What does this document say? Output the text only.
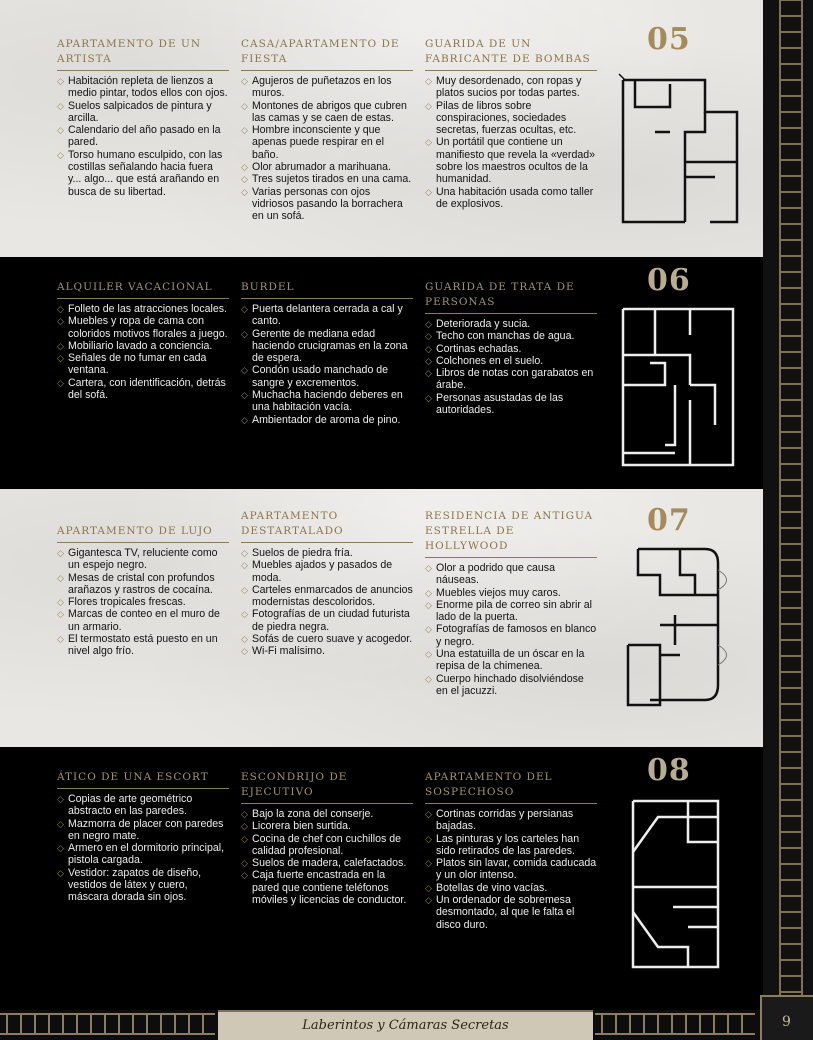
APARTAMENTO DE UN ARTISTA
◇ Habitación repleta de lienzos a medio pintar, todos ellos con ojos.
◇ Suelos salpicados de pintura y arcilla.
◇ Calendario del año pasado en la pared.
◇ Torso humano esculpido, con las costillas señalando hacia fuera y... algo... que está arañando en busca de su libertad.
CASA/APARTAMENTO DE FIESTA
◇ Agujeros de puñetazos en los muros.
◇ Montones de abrigos que cubren las camas y se caen de estas.
◇ Hombre inconsciente y que apenas puede respirar en el baño.
◇ Olor abrumador a marihuana.
◇ Tres sujetos tirados en una cama.
◇ Varias personas con ojos vidriosos pasando la borrachera en un sofá.
GUARIDA DE UN FABRICANTE DE BOMBAS
◇ Muy desordenado, con ropas y platos sucios por todas partes.
◇ Pilas de libros sobre conspiraciones, sociedades secretas, fuerzas ocultas, etc.
◇ Un portátil que contiene un manifiesto que revela la «verdad» sobre los maestros ocultos de la humanidad.
◇ Una habitación usada como taller de explosivos.
05
ALQUILER VACACIONAL
◇ Folleto de las atracciones locales.
◇ Muebles y ropa de cama con coloridos motivos florales a juego.
◇ Mobiliario lavado a conciencia.
◇ Señales de no fumar en cada ventana.
◇ Cartera, con identificación, detrás del sofá.
BURDEL
◇ Puerta delantera cerrada a cal y canto.
◇ Gerente de mediana edad haciendo crucigramas en la zona de espera.
◇ Condón usado manchado de sangre y excrementos.
◇ Muchacha haciendo deberes en una habitación vacía.
◇ Ambientador de aroma de pino.
GUARIDA DE TRATA DE PERSONAS
◇ Deteriorada y sucia.
◇ Techo con manchas de agua.
◇ Cortinas echadas.
◇ Colchones en el suelo.
◇ Libros de notas con garabatos en árabe.
◇ Personas asustadas de las autoridades.
06
APARTAMENTO DE LUJO
◇ Gigantesca TV, reluciente como un espejo negro.
◇ Mesas de cristal con profundos arañazos y rastros de cocaína.
◇ Flores tropicales frescas.
◇ Marcas de conteo en el muro de un armario.
◇ El termostato está puesto en un nivel algo frío.
APARTAMENTO DESTARTALADO
◇ Suelos de piedra fría.
◇ Muebles ajados y pasados de moda.
◇ Carteles enmarcados de anuncios modernistas descoloridos.
◇ Fotografías de un ciudad futurista de piedra negra.
◇ Sofás de cuero suave y acogedor.
◇ Wi-Fi malísimo.
RESIDENCIA DE ANTIGUA ESTRELLA DE HOLLYWOOD
◇ Olor a podrido que causa náuseas.
◇ Muebles viejos muy caros.
◇ Enorme pila de correo sin abrir al lado de la puerta.
◇ Fotografías de famosos en blanco y negro.
◇ Una estatuilla de un óscar en la repisa de la chimenea.
◇ Cuerpo hinchado disolviéndose en el jacuzzi.
07
ÁTICO DE UNA ESCORT
◇ Copias de arte geométrico abstracto en las paredes.
◇ Mazmorra de placer con paredes en negro mate.
◇ Armero en el dormitorio principal, pistola cargada.
◇ Vestidor: zapatos de diseño, vestidos de látex y cuero, máscara dorada sin ojos.
ESCONDRIJO DE EJECUTIVO
◇ Bajo la zona del conserje.
◇ Licorera bien surtida.
◇ Cocina de chef con cuchillos de calidad profesional.
◇ Suelos de madera, calefactados.
◇ Caja fuerte encastrada en la pared que contiene teléfonos móviles y licencias de conductor.
APARTAMENTO DEL SOSPECHOSO
◇ Cortinas corridas y persianas bajadas.
◇ Las pinturas y los carteles han sido retirados de las paredes.
◇ Platos sin lavar, comida caducada y un olor intenso.
◇ Botellas de vino vacías.
◇ Un ordenador de sobremesa desmontado, al que le falta el disco duro.
08
Laberintos y Cámaras Secretas	9
